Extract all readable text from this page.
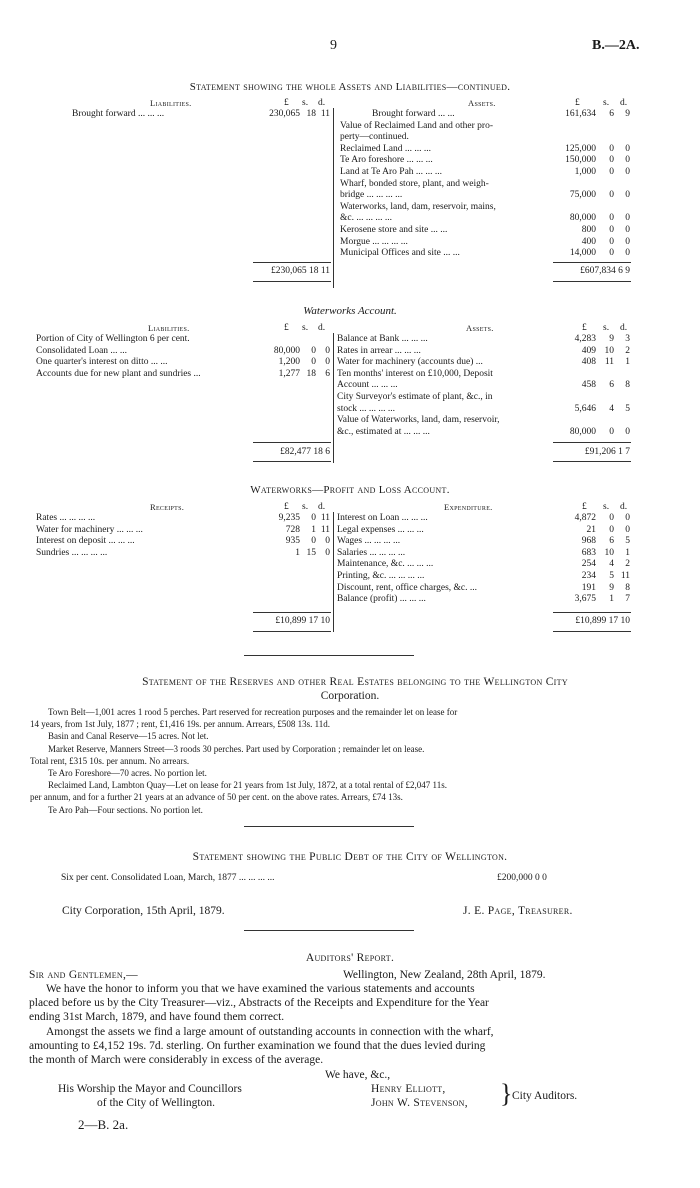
9	B.—2A.
Statement showing the whole Assets and Liabilities—continued.
Liabilities.	£ s. d.	Assets.	£ s. d.
Brought forward ... ... ...	230,065 18 11	Brought forward ... ...	161,634	6	9
Value of Reclaimed Land and other pro-
perty—continued.
Reclaimed Land ... ... ...	125,000	0	0
Te Aro foreshore ... ... ...	150,000	0	0
Land at Te Aro Pah ... ... ...	1,000	0	0
Wharf, bonded store, plant, and weigh-
bridge ... ... ... ...	75,000	0	0
Waterworks, land, dam, reservoir, mains,
&c. ... ... ... ...	80,000	0	0
Kerosene store and site ... ...	800	0	0
Morgue ... ... ... ...	400	0	0
Municipal Offices and site ... ...	14,000	0	0
£230,065 18 11	£607,834 6 9
Waterworks Account.
Liabilities.	£ s. d.	Assets.	£ s. d.
Portion of City of Wellington 6 per cent.
Consolidated Loan ... ...	80,000	0 0
One quarter's interest on ditto ... ...	1,200	0 0
Accounts due for new plant and sundries ...	1,277 18 6
Balance at Bank ... ... ...	4,283	9	3
Rates in arrear ... ... ...	409 10	2
Water for machinery (accounts due) ...	408 11	1
Ten months' interest on £10,000, Deposit
Account ... ... ...	458	6	8
City Surveyor's estimate of plant, &c., in
stock ... ... ... ...	5,646	4	5
Value of Waterworks, land, dam, reservoir,
&c., estimated at ... ... ...	80,000	0	0
£82,477 18 6	£91,206 1 7
Waterworks—Profit and Loss Account.
Receipts.	£ s. d.	Expenditure.	£ s. d.
Rates ... ... ... ...	9,235	0 11
Water for machinery ... ... ...	728	1 11
Interest on deposit ... ... ...	935	0 0
Sundries ... ... ... ...	1 15 0
Interest on Loan ... ... ...	4,872	0	0
Legal expenses ... ... ...	21	0	0
Wages ... ... ... ...	968	6	5
Salaries ... ... ... ...	683 10	1
Maintenance, &c. ... ... ...	254	4	2
Printing, &c. ... ... ... ...	234	5 11
Discount, rent, office charges, &c. ...	191	9	8
Balance (profit) ... ... ...	3,675	1	7
£10,899 17 10	£10,899 17 10
Statement of the Reserves and other Real Estates belonging to the Wellington City
Corporation.
Town Belt—1,001 acres 1 rood 5 perches. Part reserved for recreation purposes and the remainder let on lease for
14 years, from 1st July, 1877 ; rent, £1,416 19s. per annum. Arrears, £508 13s. 11d.
Basin and Canal Reserve—15 acres. Not let.
Market Reserve, Manners Street—3 roods 30 perches. Part used by Corporation ; remainder let on lease.
Total rent, £315 10s. per annum. No arrears.
Te Aro Foreshore—70 acres. No portion let.
Reclaimed Land, Lambton Quay—Let on lease for 21 years from 1st July, 1872, at a total rental of £2,047 11s.
per annum, and for a further 21 years at an advance of 50 per cent. on the above rates. Arrears, £74 13s.
Te Aro Pah—Four sections. No portion let.
Statement showing the Public Debt of the City of Wellington.
Six per cent. Consolidated Loan, March, 1877 ... ... ... ...	£200,000 0 0
City Corporation, 15th April, 1879.	J. E. Page, Treasurer.
Auditors' Report.
Sir and Gentlemen,—	Wellington, New Zealand, 28th April, 1879.
We have the honor to inform you that we have examined the various statements and accounts
placed before us by the City Treasurer—viz., Abstracts of the Receipts and Expenditure for the Year
ending 31st March, 1879, and have found them correct.
Amongst the assets we find a large amount of outstanding accounts in connection with the wharf,
amounting to £4,152 19s. 7d. sterling. On further examination we found that the dues levied during
the month of March were considerably in excess of the average.
We have, &c.,
His Worship the Mayor and Councillors
of the City of Wellington.
Henry Elliott,
John W. Stevenson, } City Auditors.
2—B. 2a.
